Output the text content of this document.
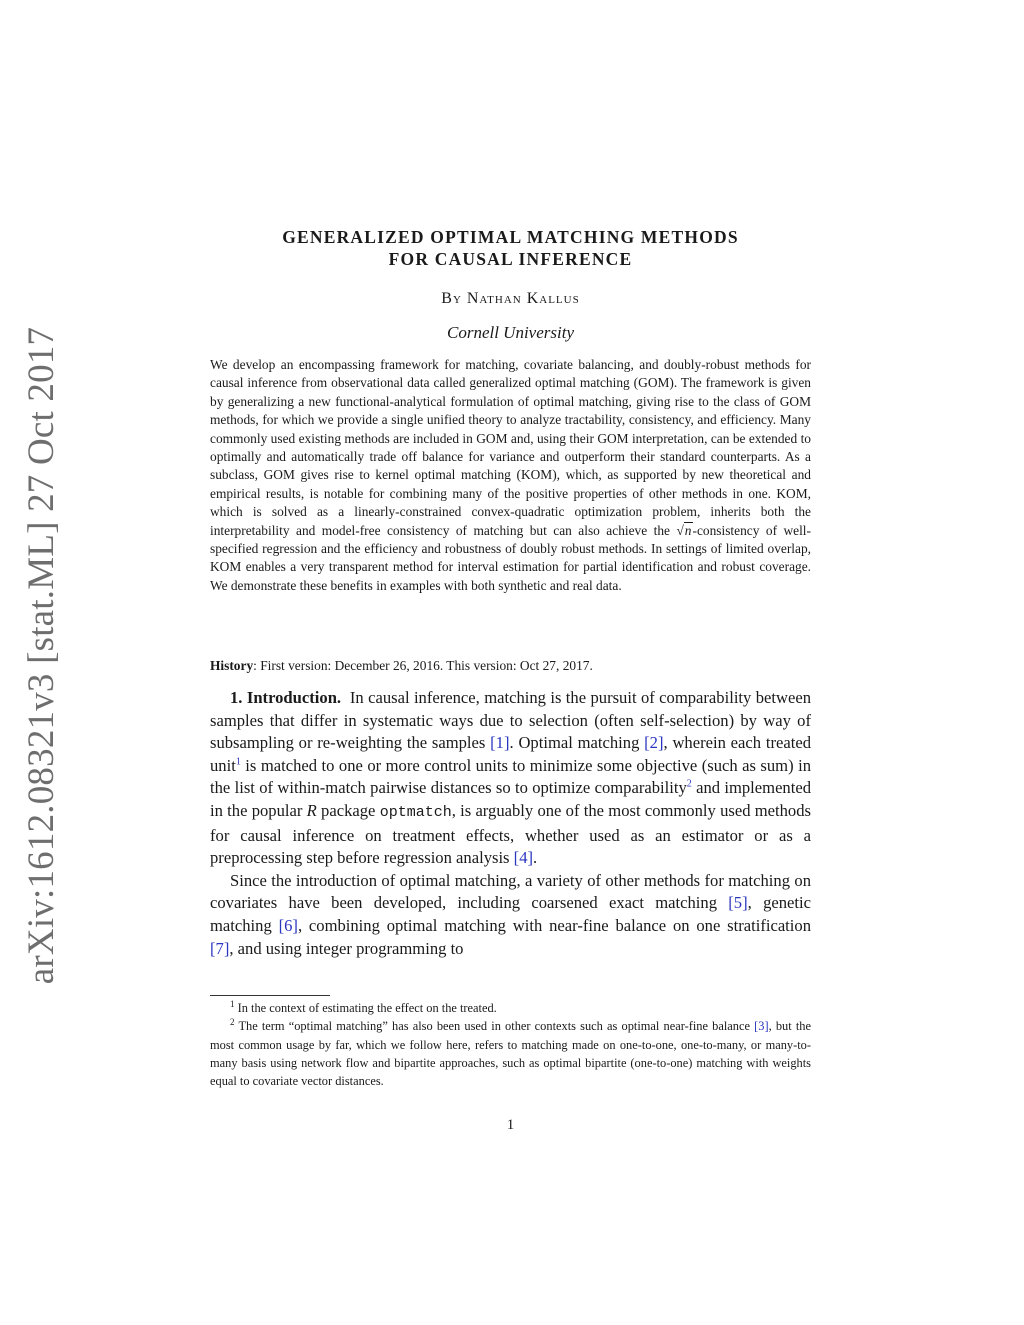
arXiv:1612.08321v3 [stat.ML] 27 Oct 2017
GENERALIZED OPTIMAL MATCHING METHODS
FOR CAUSAL INFERENCE
By Nathan Kallus
Cornell University
We develop an encompassing framework for matching, covariate balancing, and doubly-robust methods for causal inference from observational data called generalized optimal matching (GOM). The framework is given by generalizing a new functional-analytical formulation of optimal matching, giving rise to the class of GOM methods, for which we provide a single unified theory to analyze tractability, consistency, and efficiency. Many commonly used existing methods are included in GOM and, using their GOM interpretation, can be extended to optimally and automatically trade off balance for variance and outperform their standard counterparts. As a subclass, GOM gives rise to kernel optimal matching (KOM), which, as supported by new theoretical and empirical results, is notable for combining many of the positive properties of other methods in one. KOM, which is solved as a linearly-constrained convex-quadratic optimization problem, inherits both the interpretability and model-free consistency of matching but can also achieve the √n-consistency of well-specified regression and the efficiency and robustness of doubly robust methods. In settings of limited overlap, KOM enables a very transparent method for interval estimation for partial identification and robust coverage. We demonstrate these benefits in examples with both synthetic and real data.
History: First version: December 26, 2016. This version: Oct 27, 2017.

1. Introduction. In causal inference, matching is the pursuit of comparability between samples that differ in systematic ways due to selection (often self-selection) by way of subsampling or re-weighting the samples [1]. Optimal matching [2], wherein each treated unit$^1$ is matched to one or more control units to minimize some objective (such as sum) in the list of within-match pairwise distances so to optimize comparability$^2$ and implemented in the popular R package optmatch, is arguably one of the most commonly used methods for causal inference on treatment effects, whether used as an estimator or as a preprocessing step before regression analysis [4].

Since the introduction of optimal matching, a variety of other methods for matching on covariates have been developed, including coarsened exact matching [5], genetic matching [6], combining optimal matching with near-fine balance on one stratification [7], and using integer programming to

$^1$ In the context of estimating the effect on the treated.

$^2$ The term “optimal matching” has also been used in other contexts such as optimal near-fine balance [3], but the most common usage by far, which we follow here, refers to matching made on one-to-one, one-to-many, or many-to-many basis using network flow and bipartite approaches, such as optimal bipartite (one-to-one) matching with weights equal to covariate vector distances.

1
